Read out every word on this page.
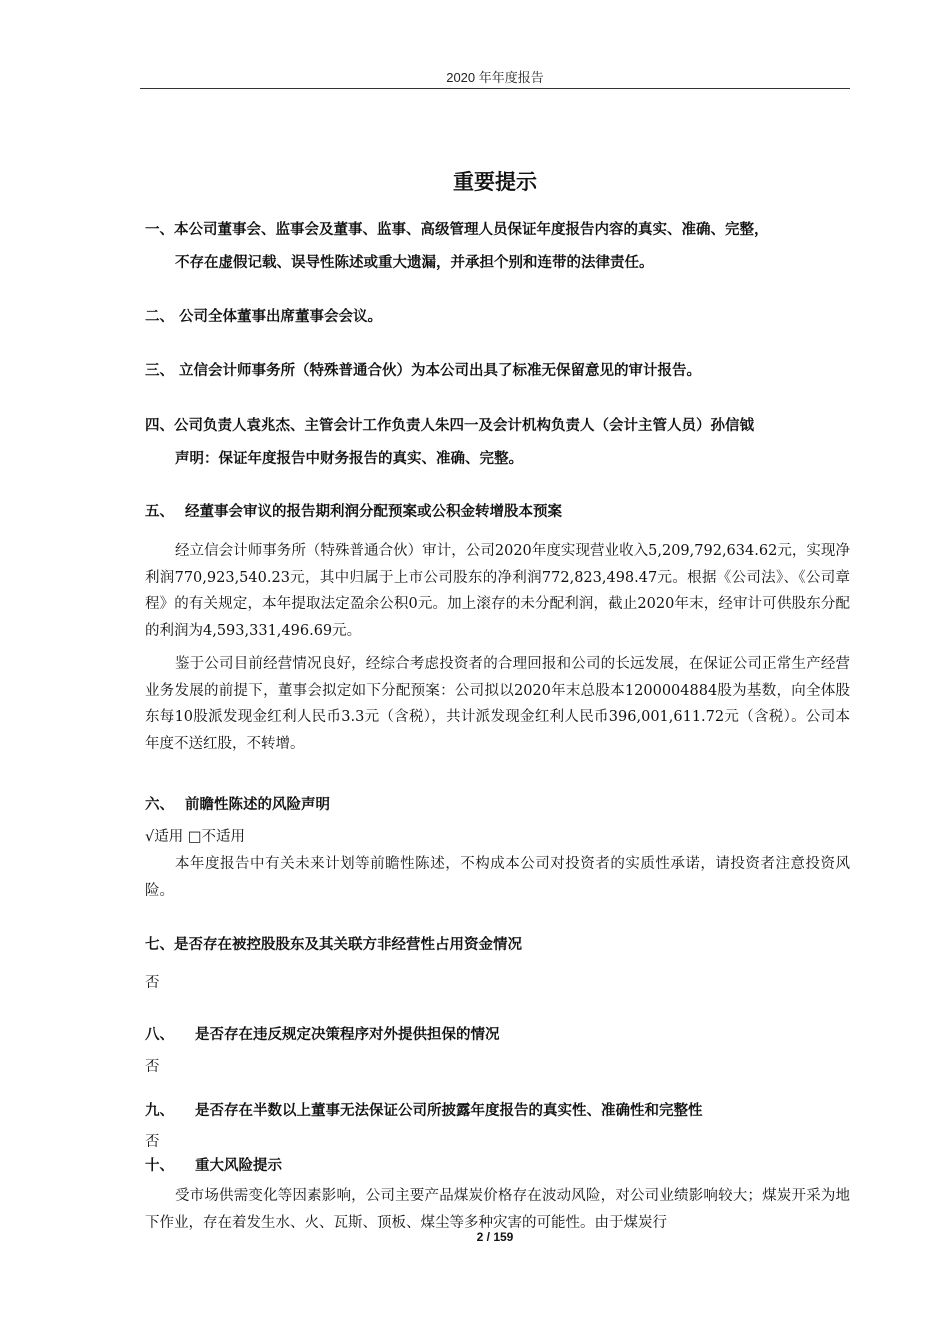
2020 年年度报告
重要提示
一、本公司董事会、监事会及董事、监事、高级管理人员保证年度报告内容的真实、准确、完整，
不存在虚假记载、误导性陈述或重大遗漏，并承担个别和连带的法律责任。
二、 公司全体董事出席董事会会议。
三、 立信会计师事务所（特殊普通合伙）为本公司出具了标准无保留意见的审计报告。
四、公司负责人袁兆杰、主管会计工作负责人朱四一及会计机构负责人（会计主管人员）孙信钺
声明：保证年度报告中财务报告的真实、准确、完整。
五、 经董事会审议的报告期利润分配预案或公积金转增股本预案
经立信会计师事务所（特殊普通合伙）审计，公司2020年度实现营业收入5,209,792,634.62元，实现净利润770,923,540.23元，其中归属于上市公司股东的净利润772,823,498.47元。根据《公司法》、《公司章程》的有关规定，本年提取法定盈余公积0元。加上滚存的未分配利润，截止2020年末，经审计可供股东分配的利润为4,593,331,496.69元。
鉴于公司目前经营情况良好，经综合考虑投资者的合理回报和公司的长远发展，在保证公司正常生产经营业务发展的前提下，董事会拟定如下分配预案：公司拟以2020年末总股本1200004884股为基数，向全体股东每10股派发现金红利人民币3.3元（含税），共计派发现金红利人民币396,001,611.72元（含税）。公司本年度不送红股，不转增。
六、 前瞻性陈述的风险声明
√适用 □不适用
本年度报告中有关未来计划等前瞻性陈述，不构成本公司对投资者的实质性承诺，请投资者注意投资风险。
七、是否存在被控股股东及其关联方非经营性占用资金情况
否
八、 是否存在违反规定决策程序对外提供担保的情况
否
九、 是否存在半数以上董事无法保证公司所披露年度报告的真实性、准确性和完整性
否
十、 重大风险提示
受市场供需变化等因素影响，公司主要产品煤炭价格存在波动风险，对公司业绩影响较大；煤炭开采为地下作业，存在着发生水、火、瓦斯、顶板、煤尘等多种灾害的可能性。由于煤炭行
2 / 159
